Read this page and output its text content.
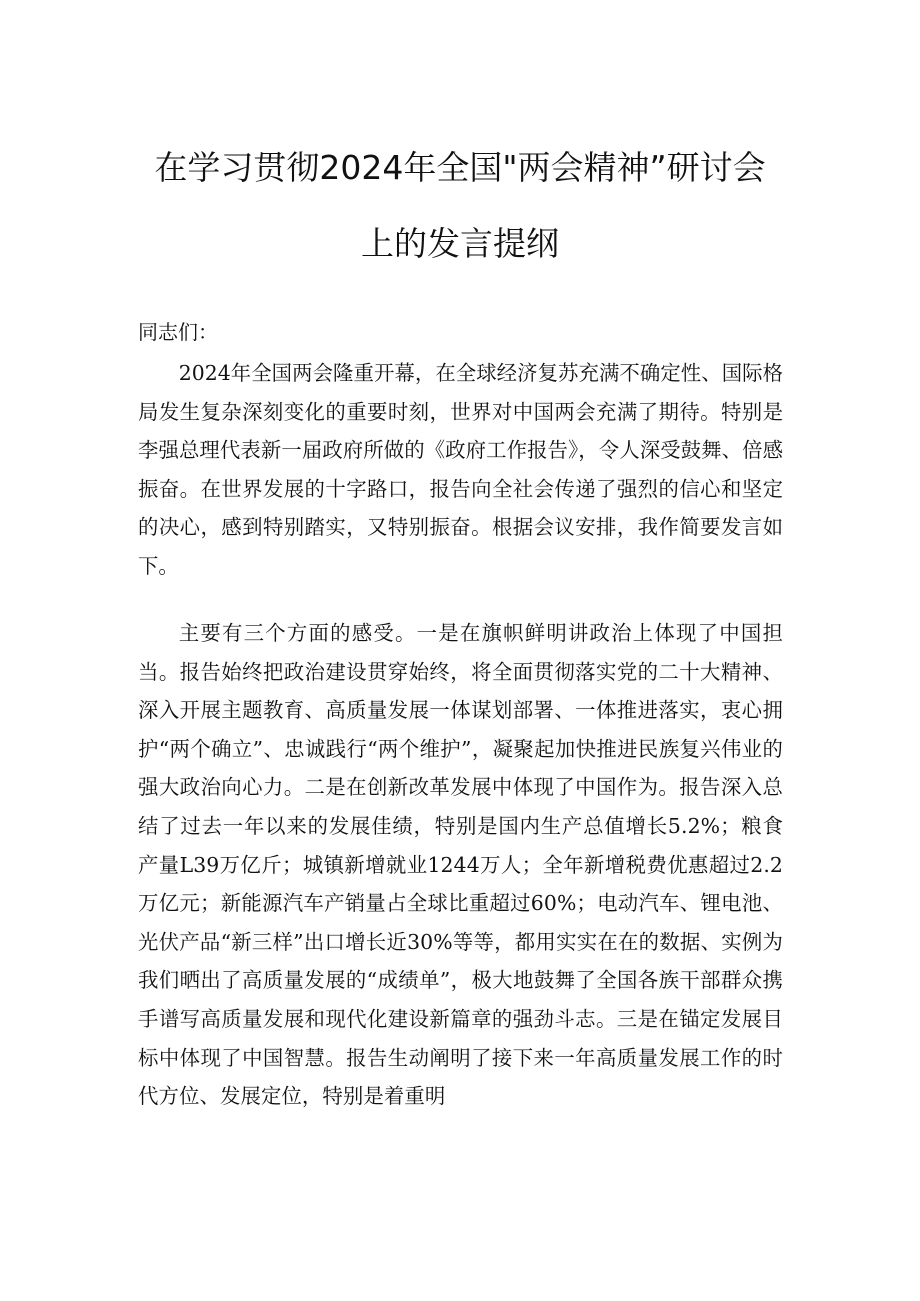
在学习贯彻2024年全国"两会精神”研讨会
上的发言提纲
同志们：

2024年全国两会隆重开幕，在全球经济复苏充满不确定性、国际格局发生复杂深刻变化的重要时刻，世界对中国两会充满了期待。特别是李强总理代表新一届政府所做的《政府工作报告》，令人深受鼓舞、倍感振奋。在世界发展的十字路口，报告向全社会传递了强烈的信心和坚定的决心，感到特别踏实，又特别振奋。根据会议安排，我作简要发言如下。

主要有三个方面的感受。一是在旗帜鲜明讲政治上体现了中国担当。报告始终把政治建设贯穿始终，将全面贯彻落实党的二十大精神、深入开展主题教育、高质量发展一体谋划部署、一体推进落实，衷心拥护“两个确立”、忠诚践行“两个维护”，凝聚起加快推进民族复兴伟业的强大政治向心力。二是在创新改革发展中体现了中国作为。报告深入总结了过去一年以来的发展佳绩，特别是国内生产总值增长5.2%；粮食产量L39万亿斤；城镇新增就业1244万人；全年新增税费优惠超过2.2万亿元；新能源汽车产销量占全球比重超过60%；电动汽车、锂电池、光伏产品“新三样”出口增长近30%等等，都用实实在在的数据、实例为我们晒出了高质量发展的“成绩单”，极大地鼓舞了全国各族干部群众携手谱写高质量发展和现代化建设新篇章的强劲斗志。三是在锚定发展目标中体现了中国智慧。报告生动阐明了接下来一年高质量发展工作的时代方位、发展定位，特别是着重明
